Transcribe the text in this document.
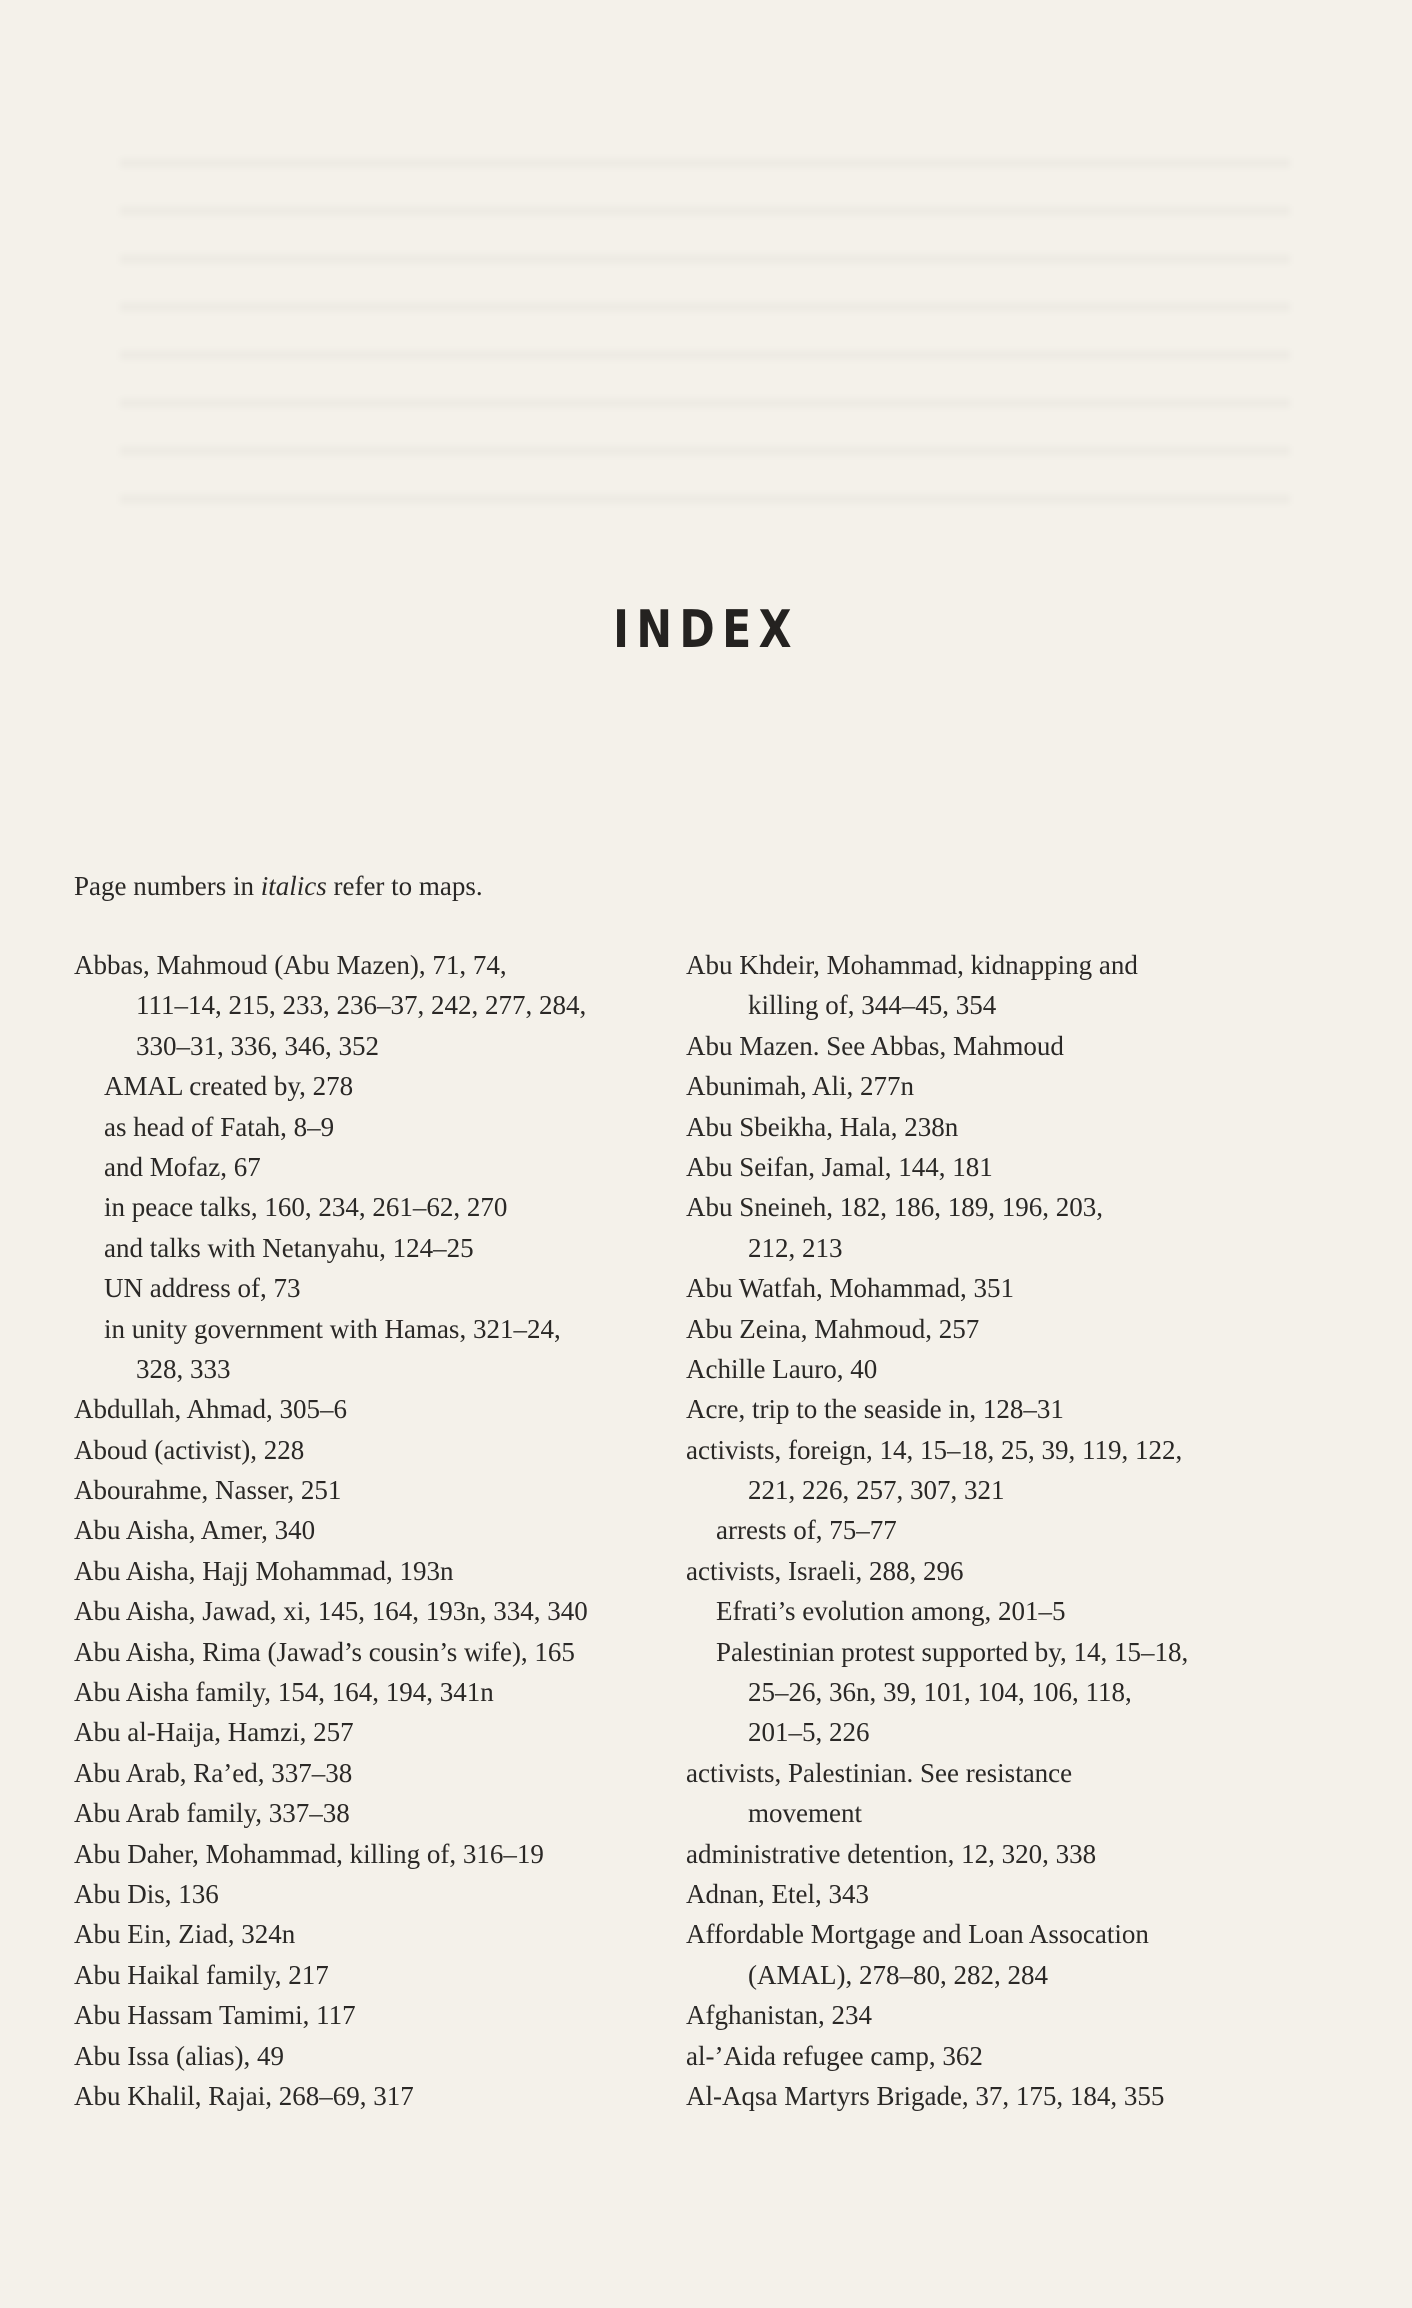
INDEX
Page numbers in italics refer to maps.
Abbas, Mahmoud (Abu Mazen), 71, 74,
111–14, 215, 233, 236–37, 242, 277, 284,
330–31, 336, 346, 352
AMAL created by, 278
as head of Fatah, 8–9
and Mofaz, 67
in peace talks, 160, 234, 261–62, 270
and talks with Netanyahu, 124–25
UN address of, 73
in unity government with Hamas, 321–24,
328, 333
Abdullah, Ahmad, 305–6
Aboud (activist), 228
Abourahme, Nasser, 251
Abu Aisha, Amer, 340
Abu Aisha, Hajj Mohammad, 193n
Abu Aisha, Jawad, xi, 145, 164, 193n, 334, 340
Abu Aisha, Rima (Jawad’s cousin’s wife), 165
Abu Aisha family, 154, 164, 194, 341n
Abu al-Haija, Hamzi, 257
Abu Arab, Ra’ed, 337–38
Abu Arab family, 337–38
Abu Daher, Mohammad, killing of, 316–19
Abu Dis, 136
Abu Ein, Ziad, 324n
Abu Haikal family, 217
Abu Hassam Tamimi, 117
Abu Issa (alias), 49
Abu Khalil, Rajai, 268–69, 317
Abu Khdeir, Mohammad, kidnapping and
killing of, 344–45, 354
Abu Mazen. See Abbas, Mahmoud
Abunimah, Ali, 277n
Abu Sbeikha, Hala, 238n
Abu Seifan, Jamal, 144, 181
Abu Sneineh, 182, 186, 189, 196, 203,
212, 213
Abu Watfah, Mohammad, 351
Abu Zeina, Mahmoud, 257
Achille Lauro, 40
Acre, trip to the seaside in, 128–31
activists, foreign, 14, 15–18, 25, 39, 119, 122,
221, 226, 257, 307, 321
arrests of, 75–77
activists, Israeli, 288, 296
Efrati’s evolution among, 201–5
Palestinian protest supported by, 14, 15–18,
25–26, 36n, 39, 101, 104, 106, 118,
201–5, 226
activists, Palestinian. See resistance
movement
administrative detention, 12, 320, 338
Adnan, Etel, 343
Affordable Mortgage and Loan Assocation
(AMAL), 278–80, 282, 284
Afghanistan, 234
al-’Aida refugee camp, 362
Al-Aqsa Martyrs Brigade, 37, 175, 184, 355
